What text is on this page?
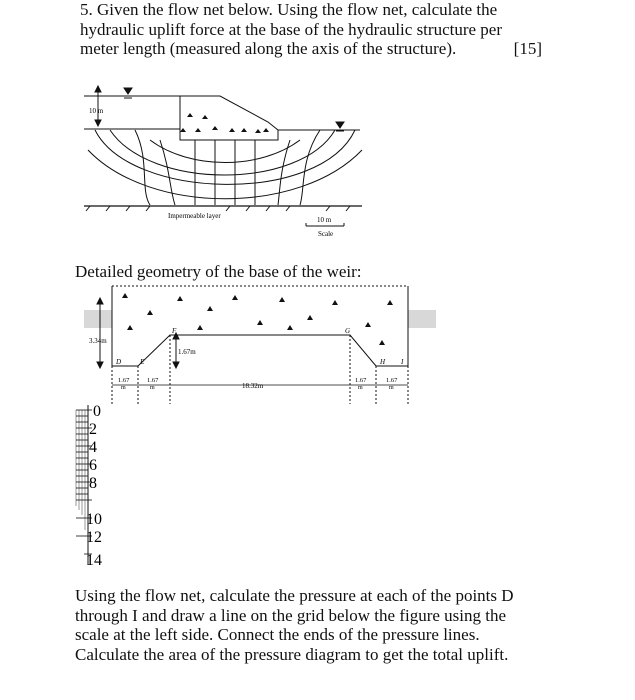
5. Given the flow net below. Using the flow net, calculate the
hydraulic uplift force at the base of the hydraulic structure per
meter length (measured along the axis of the structure).	[15]
10 m
Impermeable layer	10 m
Scale
3.34m
1.67m
D	E
F	G
H I
1.67
m
1.67
m	18.32m
1.67
m
1.67
m
0
2
4
6
8
10
12
14
Detailed geometry of the base of the weir:
Using the flow net, calculate the pressure at each of the points D
through I and draw a line on the grid below the figure using the
scale at the left side. Connect the ends of the pressure lines.
Calculate the area of the pressure diagram to get the total uplift.
